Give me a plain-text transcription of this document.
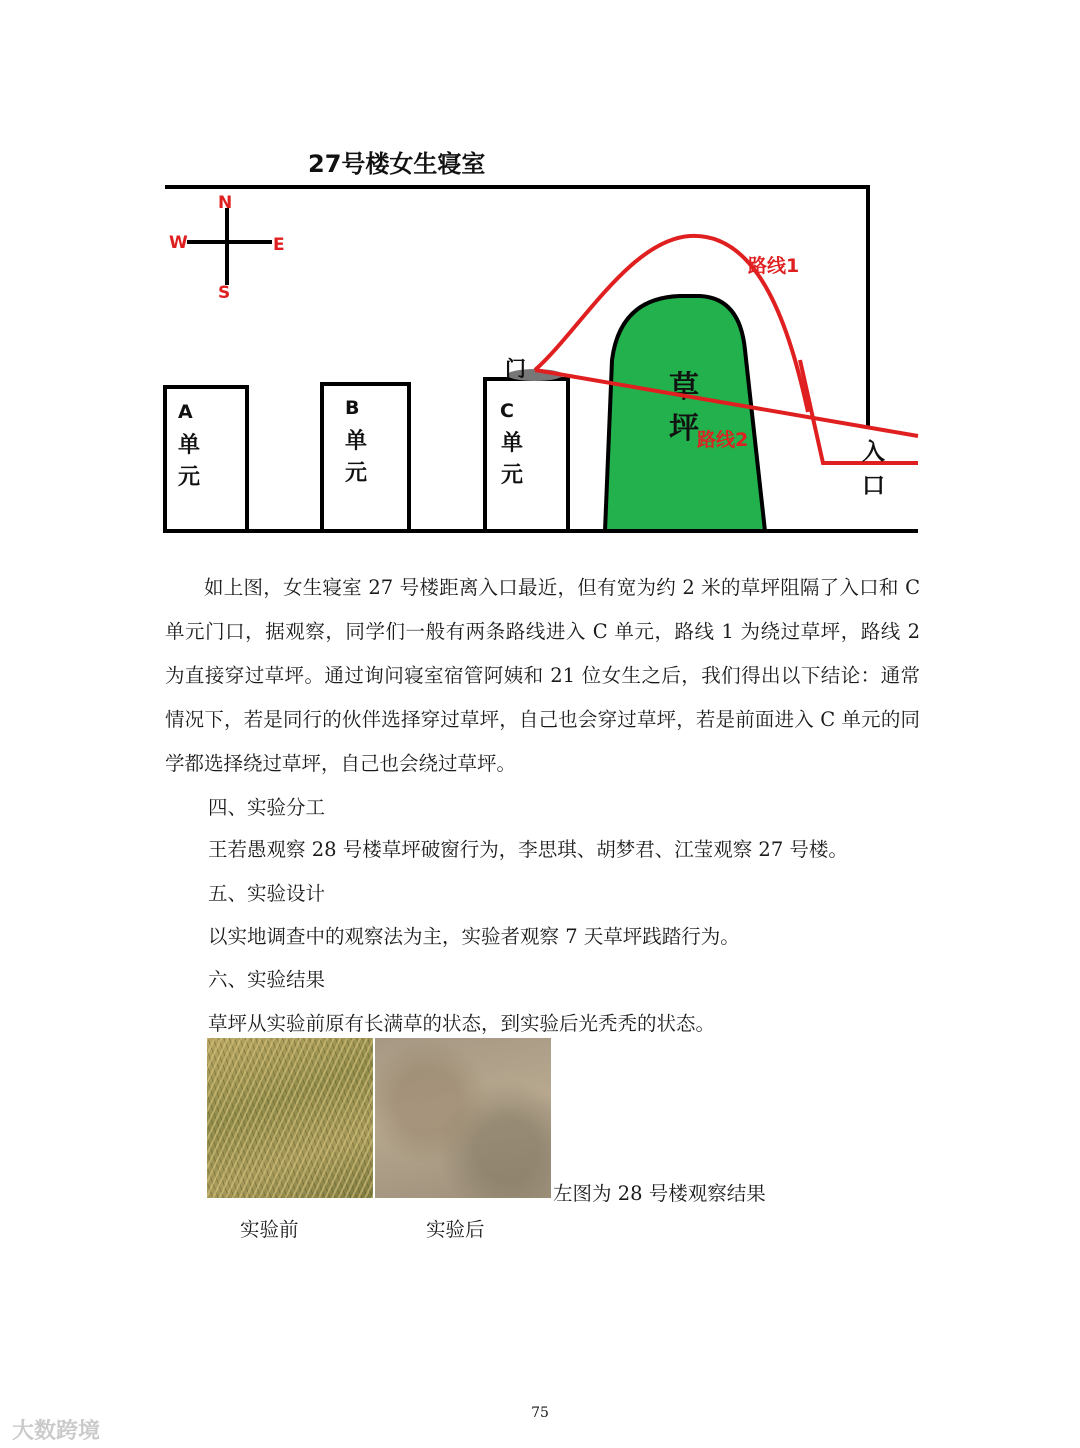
27号楼女生寝室
N
S
W	E
A
单
元
B
单
元
C
单
元
门
草
坪
入
口
路线1
路线2

如上图，女生寝室 27 号楼距离入口最近，但有宽为约 2 米的草坪阻隔了入口和 C 单元门口，据观察，同学们一般有两条路线进入 C 单元，路线 1 为绕过草坪，路线 2 为直接穿过草坪。通过询问寝室宿管阿姨和 21 位女生之后，我们得出以下结论：通常情况下，若是同行的伙伴选择穿过草坪，自己也会穿过草坪，若是前面进入 C 单元的同学都选择绕过草坪，自己也会绕过草坪。

四、实验分工

王若愚观察 28 号楼草坪破窗行为，李思琪、胡梦君、江莹观察 27 号楼。

五、实验设计

以实地调查中的观察法为主，实验者观察 7 天草坪践踏行为。

六、实验结果

草坪从实验前原有长满草的状态，到实验后光秃秃的状态。

左图为 28 号楼观察结果

实验前	实验后

75
大数跨境
